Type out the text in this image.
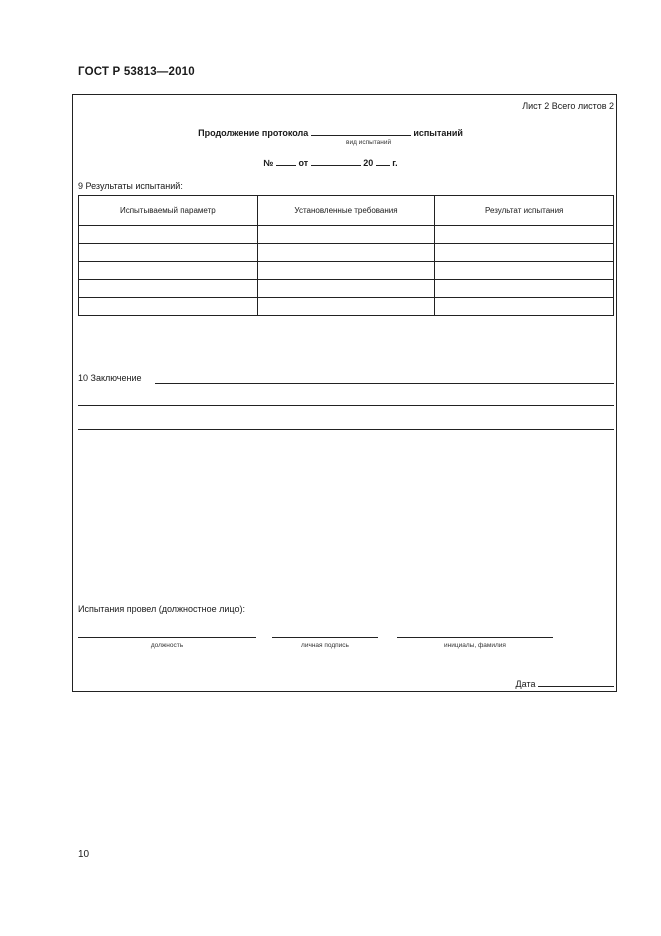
ГОСТ Р 53813—2010
Лист 2 Всего листов 2
Продолжение протокола	испытаний
вид испытаний
№	от	20 г.
9 Результаты испытаний:
Испытываемый параметр	Установленные требования	Результат испытания

10 Заключение
Испытания провел (должностное лицо):
должность	личная подпись	инициалы, фамилия
Дата
10
